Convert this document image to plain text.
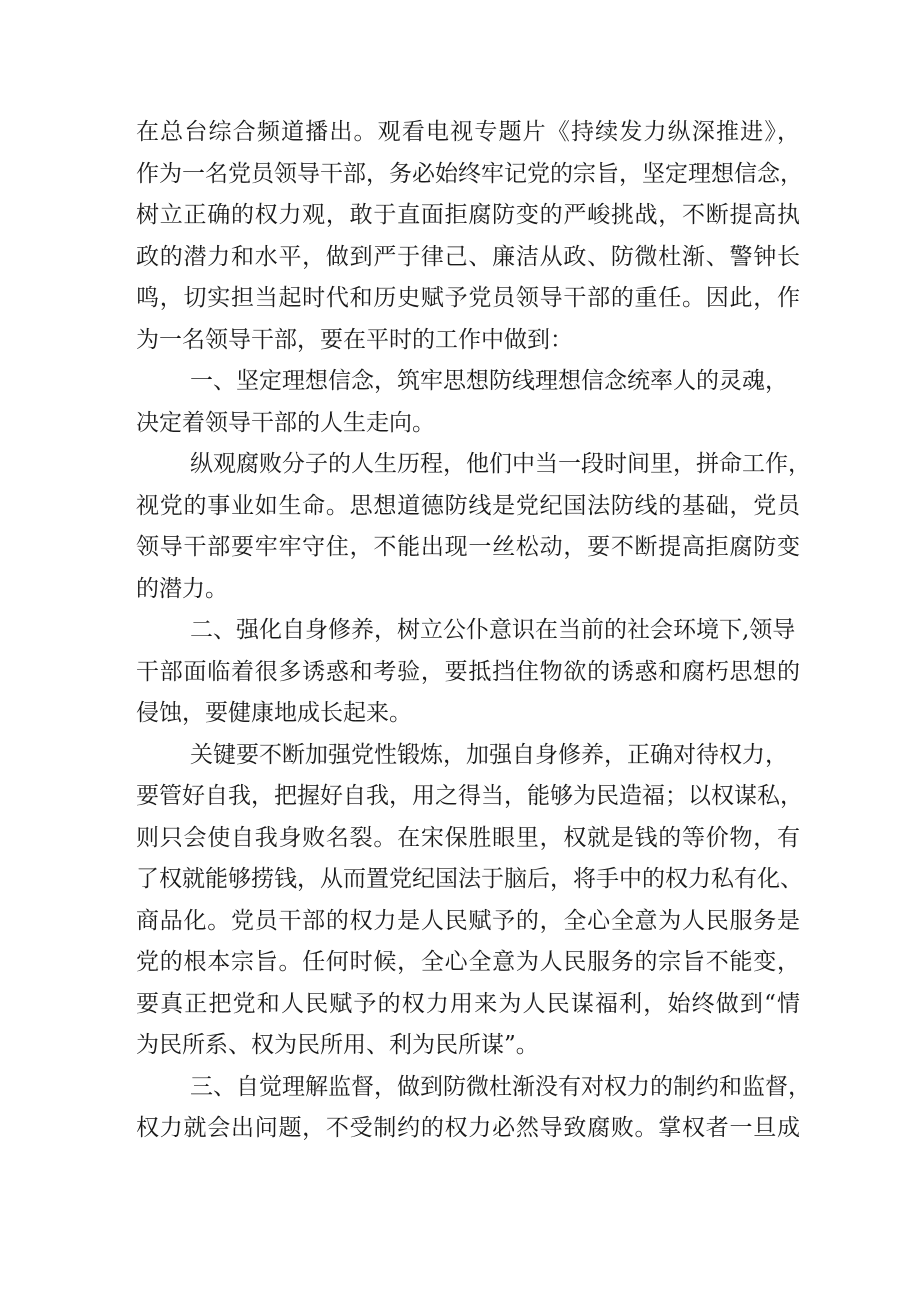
在总台综合频道播出。观看电视专题片《持续发力纵深推进》，
作为一名党员领导干部，务必始终牢记党的宗旨，坚定理想信念，
树立正确的权力观，敢于直面拒腐防变的严峻挑战，不断提高执
政的潜力和水平，做到严于律己、廉洁从政、防微杜渐、警钟长
鸣，切实担当起时代和历史赋予党员领导干部的重任。因此，作
为一名领导干部，要在平时的工作中做到：
一、坚定理想信念，筑牢思想防线理想信念统率人的灵魂，
决定着领导干部的人生走向。
纵观腐败分子的人生历程，他们中当一段时间里，拼命工作，
视党的事业如生命。思想道德防线是党纪国法防线的基础，党员
领导干部要牢牢守住，不能出现一丝松动，要不断提高拒腐防变
的潜力。
二、强化自身修养，树立公仆意识在当前的社会环境下,领导
干部面临着很多诱惑和考验，要抵挡住物欲的诱惑和腐朽思想的
侵蚀，要健康地成长起来。
关键要不断加强党性锻炼，加强自身修养，正确对待权力，
要管好自我，把握好自我，用之得当，能够为民造福；以权谋私，
则只会使自我身败名裂。在宋保胜眼里，权就是钱的等价物，有
了权就能够捞钱，从而置党纪国法于脑后，将手中的权力私有化、
商品化。党员干部的权力是人民赋予的，全心全意为人民服务是
党的根本宗旨。任何时候，全心全意为人民服务的宗旨不能变，
要真正把党和人民赋予的权力用来为人民谋福利，始终做到“情
为民所系、权为民所用、利为民所谋”。
三、自觉理解监督，做到防微杜渐没有对权力的制约和监督，
权力就会出问题，不受制约的权力必然导致腐败。掌权者一旦成
